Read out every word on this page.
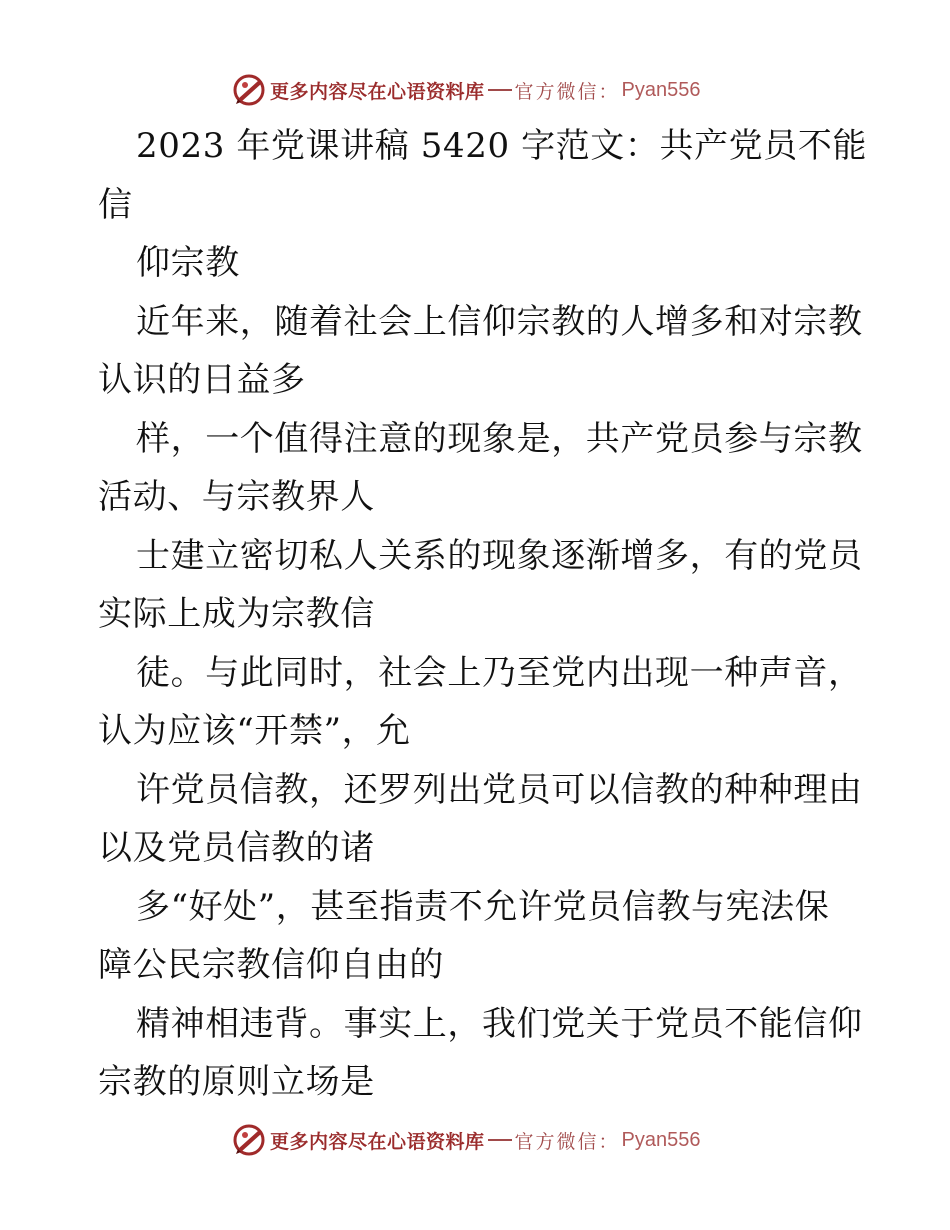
更多内容尽在心语资料库 官方微信： Pyan556
2023 年党课讲稿 5420 字范文：共产党员不能
信
仰宗教
近年来，随着社会上信仰宗教的人增多和对宗教
认识的日益多
样，一个值得注意的现象是，共产党员参与宗教
活动、与宗教界人
士建立密切私人关系的现象逐渐增多，有的党员
实际上成为宗教信
徒。与此同时，社会上乃至党内出现一种声音，
认为应该“开禁”，允
许党员信教，还罗列出党员可以信教的种种理由
以及党员信教的诸
多“好处”，甚至指责不允许党员信教与宪法保
障公民宗教信仰自由的
精神相违背。事实上，我们党关于党员不能信仰
宗教的原则立场是
更多内容尽在心语资料库 官方微信： Pyan556
